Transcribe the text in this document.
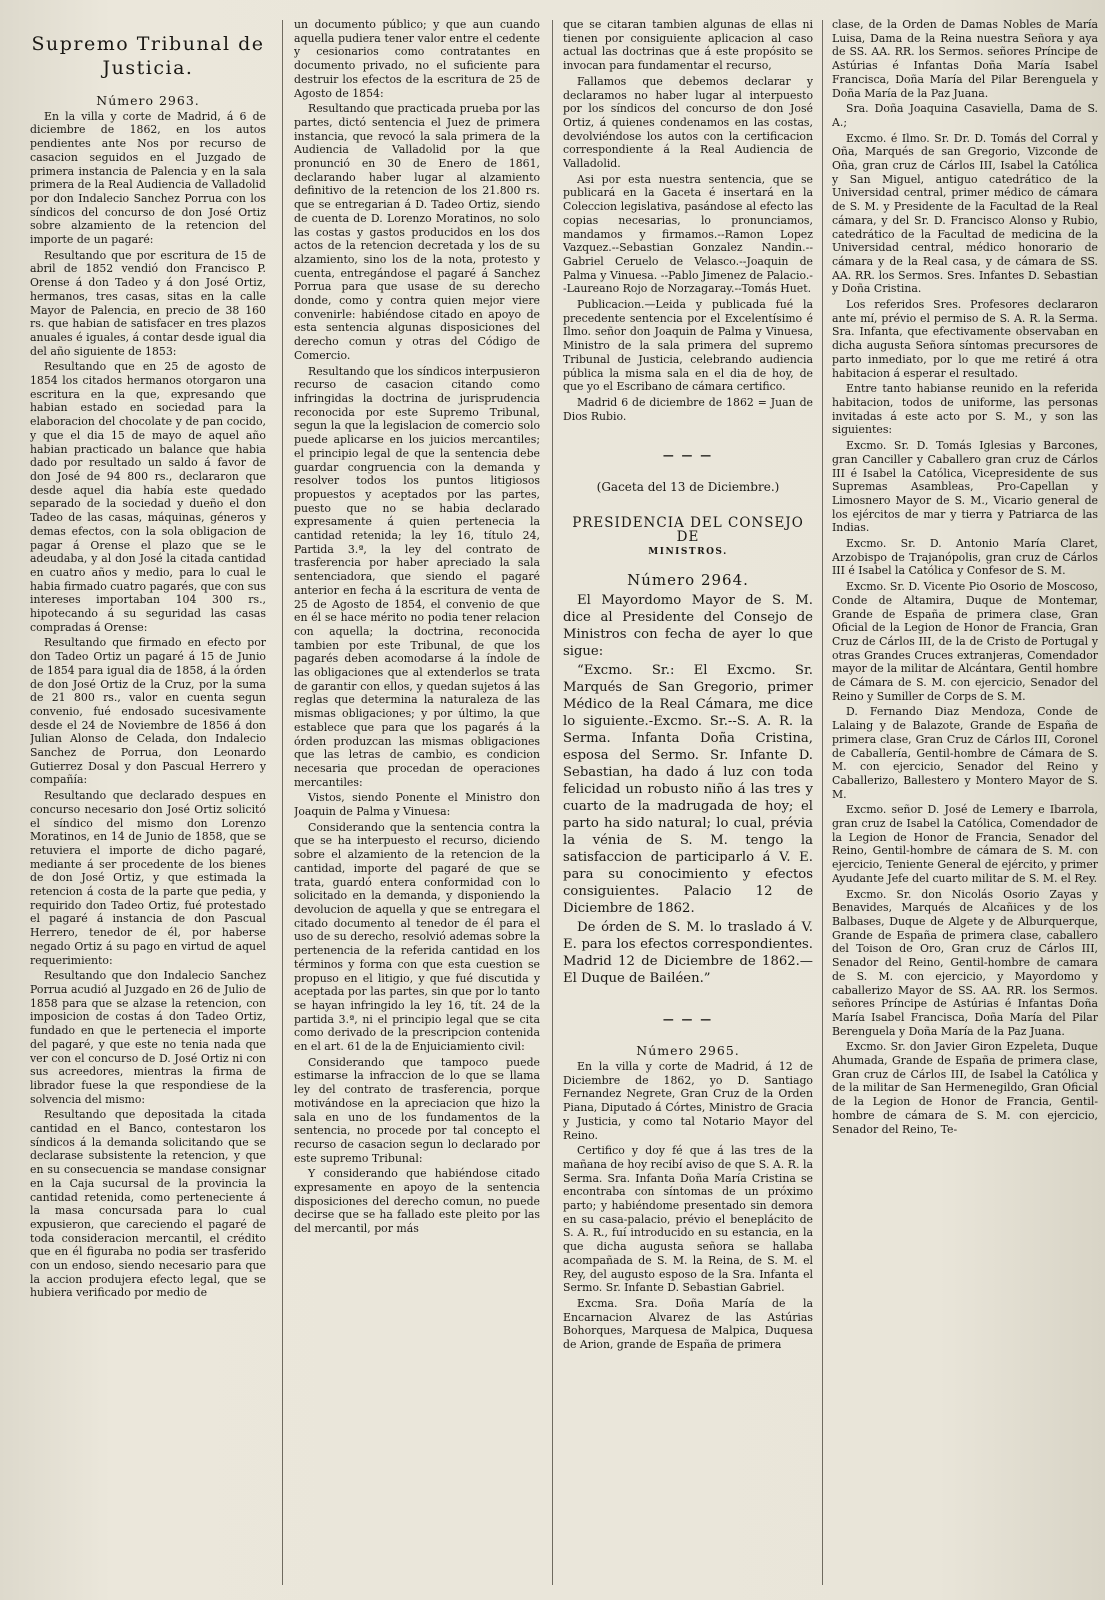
Supremo Tribunal de Justicia.

Número 2963.

En la villa y corte de Madrid, á 6 de diciembre de 1862, en los autos pendientes ante Nos por recurso de casacion seguidos en el Juzgado de primera instancia de Palencia y en la sala primera de la Real Audiencia de Valladolid por don Indalecio Sanchez Porrua con los síndicos del concurso de don José Ortiz sobre alzamiento de la retencion del importe de un pagaré:

Resultando que por escritura de 15 de abril de 1852 vendió don Francisco P. Orense á don Tadeo y á don José Ortiz, hermanos, tres casas, sitas en la calle Mayor de Palencia, en precio de 38 160 rs. que habian de satisfacer en tres plazos anuales é iguales, á contar desde igual dia del año siguiente de 1853:

Resultando que en 25 de agosto de 1854 los citados hermanos otorgaron una escritura en la que, expresando que habian estado en sociedad para la elaboracion del chocolate y de pan cocido, y que el dia 15 de mayo de aquel año habian practicado un balance que habia dado por resultado un saldo á favor de don José de 94 800 rs., declararon que desde aquel dia había este quedado separado de la sociedad y dueño el don Tadeo de las casas, máquinas, géneros y demas efectos, con la sola obligacion de pagar á Orense el plazo que se le adeudaba, y al don José la citada cantidad en cuatro años y medio, para lo cual le habia firmado cuatro pagarés, que con sus intereses importaban 104 300 rs., hipotecando á su seguridad las casas compradas á Orense:

Resultando que firmado en efecto por don Tadeo Ortiz un pagaré á 15 de Junio de 1854 para igual dia de 1858, á la órden de don José Ortiz de la Cruz, por la suma de 21 800 rs., valor en cuenta segun convenio, fué endosado sucesivamente desde el 24 de Noviembre de 1856 á don Julian Alonso de Celada, don Indalecio Sanchez de Porrua, don Leonardo Gutierrez Dosal y don Pascual Herrero y compañía:

Resultando que declarado despues en concurso necesario don José Ortiz solicitó el síndico del mismo don Lorenzo Moratinos, en 14 de Junio de 1858, que se retuviera el importe de dicho pagaré, mediante á ser procedente de los bienes de don José Ortiz, y que estimada la retencion á costa de la parte que pedia, y requirido don Tadeo Ortiz, fué protestado el pagaré á instancia de don Pascual Herrero, tenedor de él, por haberse negado Ortiz á su pago en virtud de aquel requerimiento:

Resultando que don Indalecio Sanchez Porrua acudió al Juzgado en 26 de Julio de 1858 para que se alzase la retencion, con imposicion de costas á don Tadeo Ortiz, fundado en que le pertenecia el importe del pagaré, y que este no tenia nada que ver con el concurso de D. José Ortiz ni con sus acreedores, mientras la firma de librador fuese la que respondiese de la solvencia del mismo:

Resultando que depositada la citada cantidad en el Banco, contestaron los síndicos á la demanda solicitando que se declarase subsistente la retencion, y que en su consecuencia se mandase consignar en la Caja sucursal de la provincia la cantidad retenida, como perteneciente á la masa concursada para lo cual expusieron, que careciendo el pagaré de toda consideracion mercantil, el crédito que en él figuraba no podia ser trasferido con un endoso, siendo necesario para que la accion produjera efecto legal, que se hubiera verificado por medio de

un documento público; y que aun cuando aquella pudiera tener valor entre el cedente y cesionarios como contratantes en documento privado, no el suficiente para destruir los efectos de la escritura de 25 de Agosto de 1854:

Resultando que practicada prueba por las partes, dictó sentencia el Juez de primera instancia, que revocó la sala primera de la Audiencia de Valladolid por la que pronunció en 30 de Enero de 1861, declarando haber lugar al alzamiento definitivo de la retencion de los 21.800 rs. que se entregarian á D. Tadeo Ortiz, siendo de cuenta de D. Lorenzo Moratinos, no solo las costas y gastos producidos en los dos actos de la retencion decretada y los de su alzamiento, sino los de la nota, protesto y cuenta, entregándose el pagaré á Sanchez Porrua para que usase de su derecho donde, como y contra quien mejor viere convenirle: habiéndose citado en apoyo de esta sentencia algunas disposiciones del derecho comun y otras del Código de Comercio.

Resultando que los síndicos interpusieron recurso de casacion citando como infringidas la doctrina de jurisprudencia reconocida por este Supremo Tribunal, segun la que la legislacion de comercio solo puede aplicarse en los juicios mercantiles; el principio legal de que la sentencia debe guardar congruencia con la demanda y resolver todos los puntos litigiosos propuestos y aceptados por las partes, puesto que no se habia declarado expresamente á quien pertenecia la cantidad retenida; la ley 16, título 24, Partida 3.ª, la ley del contrato de trasferencia por haber apreciado la sala sentenciadora, que siendo el pagaré anterior en fecha á la escritura de venta de 25 de Agosto de 1854, el convenio de que en él se hace mérito no podia tener relacion con aquella; la doctrina, reconocida tambien por este Tribunal, de que los pagarés deben acomodarse á la índole de las obligaciones que al extenderlos se trata de garantir con ellos, y quedan sujetos á las reglas que determina la naturaleza de las mismas obligaciones; y por último, la que establece que para que los pagarés á la órden produzcan las mismas obligaciones que las letras de cambio, es condicion necesaria que procedan de operaciones mercantiles:

Vistos, siendo Ponente el Ministro don Joaquin de Palma y Vinuesa:

Considerando que la sentencia contra la que se ha interpuesto el recurso, diciendo sobre el alzamiento de la retencion de la cantidad, importe del pagaré de que se trata, guardó entera conformidad con lo solicitado en la demanda, y disponiendo la devolucion de aquella y que se entregara el citado documento al tenedor de él para el uso de su derecho, resolvió ademas sobre la pertenencia de la referida cantidad en los términos y forma con que esta cuestion se propuso en el litigio, y que fué discutida y aceptada por las partes, sin que por lo tanto se hayan infringido la ley 16, tít. 24 de la partida 3.ª, ni el principio legal que se cita como derivado de la prescripcion contenida en el art. 61 de la de Enjuiciamiento civil:

Considerando que tampoco puede estimarse la infraccion de lo que se llama ley del contrato de trasferencia, porque motivándose en la apreciacion que hizo la sala en uno de los fundamentos de la sentencia, no procede por tal concepto el recurso de casacion segun lo declarado por este supremo Tribunal:

Y considerando que habiéndose citado expresamente en apoyo de la sentencia disposiciones del derecho comun, no puede decirse que se ha fallado este pleito por las del mercantil, por más

que se citaran tambien algunas de ellas ni tienen por consiguiente aplicacion al caso actual las doctrinas que á este propósito se invocan para fundamentar el recurso,

Fallamos que debemos declarar y declaramos no haber lugar al interpuesto por los síndicos del concurso de don José Ortiz, á quienes condenamos en las costas, devolviéndose los autos con la certificacion correspondiente á la Real Audiencia de Valladolid.

Asi por esta nuestra sentencia, que se publicará en la Gaceta é insertará en la Coleccion legislativa, pasándose al efecto las copias necesarias, lo pronunciamos, mandamos y firmamos.--Ramon Lopez Vazquez.--Sebastian Gonzalez Nandin.--Gabriel Ceruelo de Velasco.--Joaquin de Palma y Vinuesa. --Pablo Jimenez de Palacio.--Laureano Rojo de Norzagaray.--Tomás Huet.

Publicacion.—Leida y publicada fué la precedente sentencia por el Excelentísimo é Ilmo. señor don Joaquin de Palma y Vinuesa, Ministro de la sala primera del supremo Tribunal de Justicia, celebrando audiencia pública la misma sala en el dia de hoy, de que yo el Escribano de cámara certifico.

Madrid 6 de diciembre de 1862 = Juan de Dios Rubio.

— — —

(Gaceta del 13 de Diciembre.)

PRESIDENCIA DEL CONSEJO DE

MINISTROS.

Número 2964.

El Mayordomo Mayor de S. M. dice al Presidente del Consejo de Ministros con fecha de ayer lo que sigue:

“Excmo. Sr.: El Excmo. Sr. Marqués de San Gregorio, primer Médico de la Real Cámara, me dice lo siguiente.-Excmo. Sr.--S. A. R. la Serma. Infanta Doña Cristina, esposa del Sermo. Sr. Infante D. Sebastian, ha dado á luz con toda felicidad un robusto niño á las tres y cuarto de la madrugada de hoy; el parto ha sido natural; lo cual, prévia la vénia de S. M. tengo la satisfaccion de participarlo á V. E. para su conocimiento y efectos consiguientes. Palacio 12 de Diciembre de 1862.

De órden de S. M. lo traslado á V. E. para los efectos correspondientes. Madrid 12 de Diciembre de 1862.—El Duque de Bailéen.”

— — —

Número 2965.

En la villa y corte de Madrid, á 12 de Diciembre de 1862, yo D. Santiago Fernandez Negrete, Gran Cruz de la Orden Piana, Diputado á Córtes, Ministro de Gracia y Justicia, y como tal Notario Mayor del Reino.

Certifico y doy fé que á las tres de la mañana de hoy recibí aviso de que S. A. R. la Serma. Sra. Infanta Doña María Cristina se encontraba con síntomas de un próximo parto; y habiéndome presentado sin demora en su casa-palacio, prévio el beneplácito de S. A. R., fuí introducido en su estancia, en la que dicha augusta señora se hallaba acompañada de S. M. la Reina, de S. M. el Rey, del augusto esposo de la Sra. Infanta el Sermo. Sr. Infante D. Sebastian Gabriel.

Excma. Sra. Doña María de la Encarnacion Alvarez de las Astúrias Bohorques, Marquesa de Malpica, Duquesa de Arion, grande de España de primera

clase, de la Orden de Damas Nobles de María Luisa, Dama de la Reina nuestra Señora y aya de SS. AA. RR. los Sermos. señores Príncipe de Astúrias é Infantas Doña María Isabel Francisca, Doña María del Pilar Berenguela y Doña María de la Paz Juana.

Sra. Doña Joaquina Casaviella, Dama de S. A.;

Excmo. é Ilmo. Sr. Dr. D. Tomás del Corral y Oña, Marqués de san Gregorio, Vizconde de Oña, gran cruz de Cárlos III, Isabel la Católica y San Miguel, antiguo catedrático de la Universidad central, primer médico de cámara de S. M. y Presidente de la Facultad de la Real cámara, y del Sr. D. Francisco Alonso y Rubio, catedrático de la Facultad de medicina de la Universidad central, médico honorario de cámara y de la Real casa, y de cámara de SS. AA. RR. los Sermos. Sres. Infantes D. Sebastian y Doña Cristina.

Los referidos Sres. Profesores declararon ante mí, prévio el permiso de S. A. R. la Serma. Sra. Infanta, que efectivamente observaban en dicha augusta Señora síntomas precursores de parto inmediato, por lo que me retiré á otra habitacion á esperar el resultado.

Entre tanto habianse reunido en la referida habitacion, todos de uniforme, las personas invitadas á este acto por S. M., y son las siguientes:

Excmo. Sr. D. Tomás Iglesias y Barcones, gran Canciller y Caballero gran cruz de Cárlos III é Isabel la Católica, Vicepresidente de sus Supremas Asambleas, Pro-Capellan y Limosnero Mayor de S. M., Vicario general de los ejércitos de mar y tierra y Patriarca de las Indias.

Excmo. Sr. D. Antonio María Claret, Arzobispo de Trajanópolis, gran cruz de Cárlos III é Isabel la Católica y Confesor de S. M.

Excmo. Sr. D. Vicente Pio Osorio de Moscoso, Conde de Altamira, Duque de Montemar, Grande de España de primera clase, Gran Oficial de la Legion de Honor de Francia, Gran Cruz de Cárlos III, de la de Cristo de Portugal y otras Grandes Cruces extranjeras, Comendador mayor de la militar de Alcántara, Gentil hombre de Cámara de S. M. con ejercicio, Senador del Reino y Sumiller de Corps de S. M.

D. Fernando Diaz Mendoza, Conde de Lalaing y de Balazote, Grande de España de primera clase, Gran Cruz de Cárlos III, Coronel de Caballería, Gentil-hombre de Cámara de S. M. con ejercicio, Senador del Reino y Caballerizo, Ballestero y Montero Mayor de S. M.

Excmo. señor D. José de Lemery e Ibarrola, gran cruz de Isabel la Católica, Comendador de la Legion de Honor de Francia, Senador del Reino, Gentil-hombre de cámara de S. M. con ejercicio, Teniente General de ejército, y primer Ayudante Jefe del cuarto militar de S. M. el Rey.

Excmo. Sr. don Nicolás Osorio Zayas y Benavides, Marqués de Alcañices y de los Balbases, Duque de Algete y de Alburquerque, Grande de España de primera clase, caballero del Toison de Oro, Gran cruz de Cárlos III, Senador del Reino, Gentil-hombre de camara de S. M. con ejercicio, y Mayordomo y caballerizo Mayor de SS. AA. RR. los Sermos. señores Príncipe de Astúrias é Infantas Doña María Isabel Francisca, Doña María del Pilar Berenguela y Doña María de la Paz Juana.

Excmo. Sr. don Javier Giron Ezpeleta, Duque Ahumada, Grande de España de primera clase, Gran cruz de Cárlos III, de Isabel la Católica y de la militar de San Hermenegildo, Gran Oficial de la Legion de Honor de Francia, Gentil-hombre de cámara de S. M. con ejercicio, Senador del Reino, Te-
